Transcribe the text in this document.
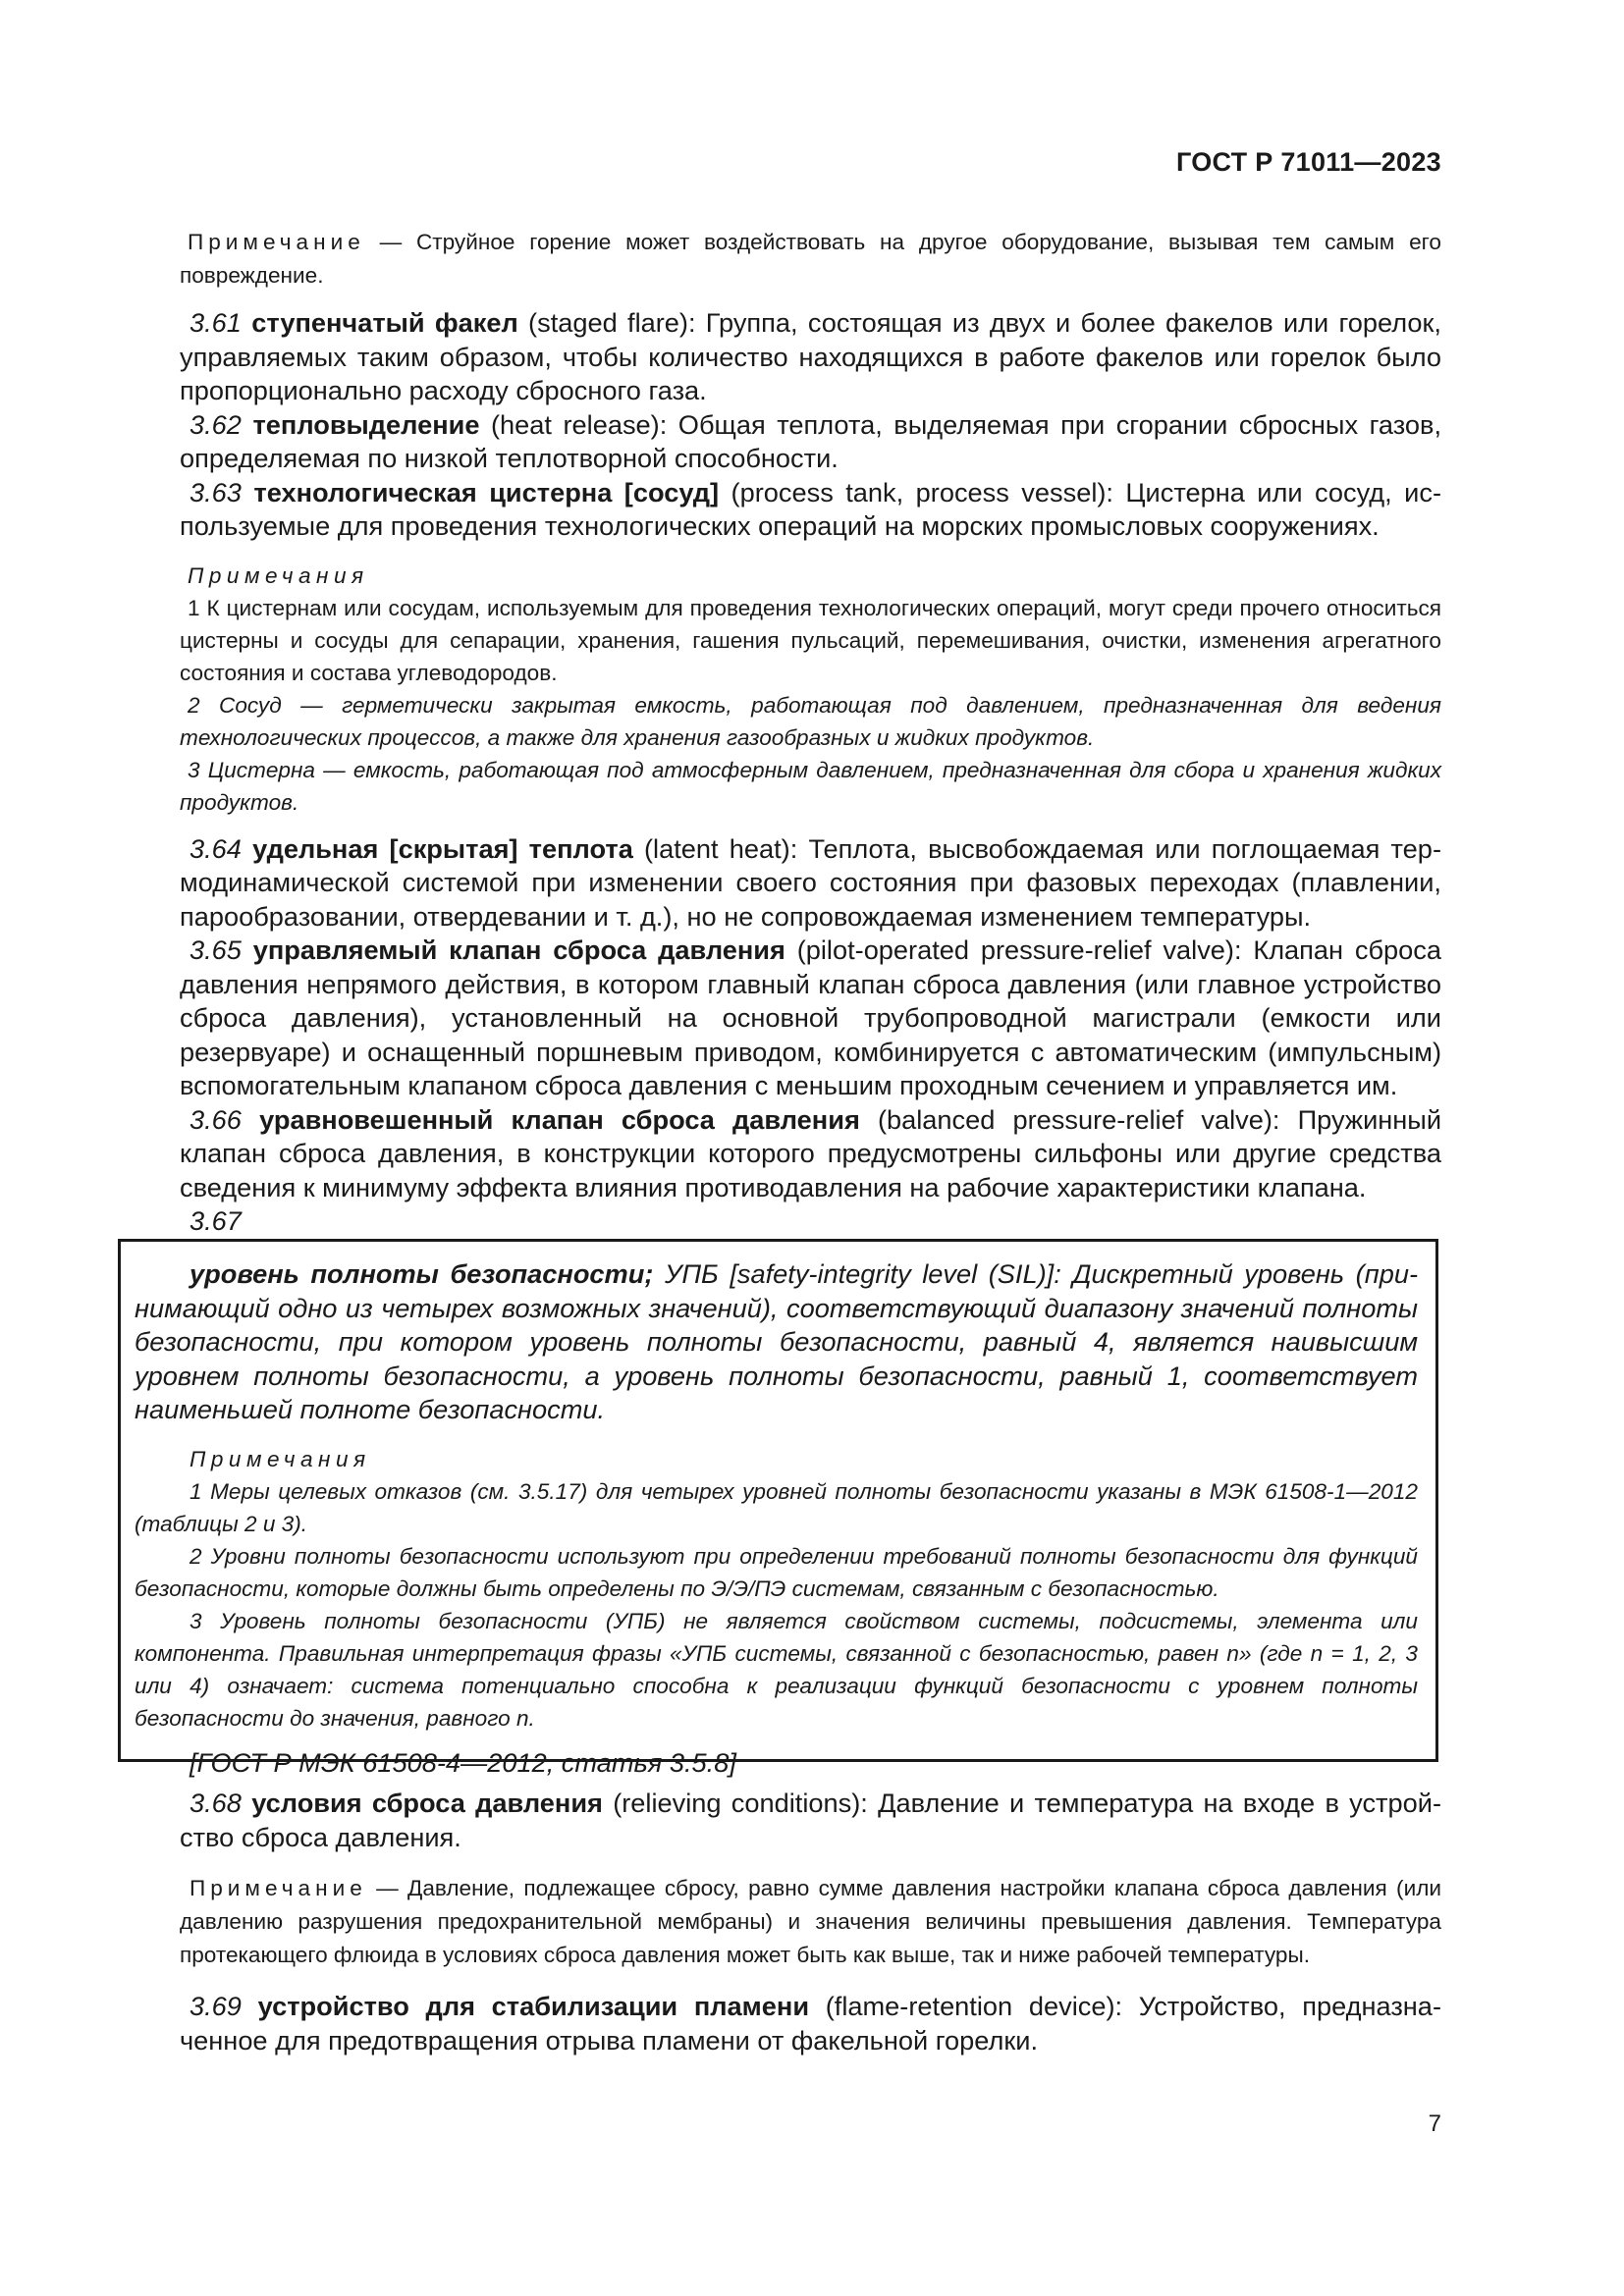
ГОСТ Р 71011—2023

Примечание — Струйное горение может воздействовать на другое оборудование, вызывая тем самым его повреждение.

3.61 ступенчатый факел (staged flare): Группа, состоящая из двух и более факелов или горелок, управляемых таким образом, чтобы количество находящихся в работе факелов или горелок было пропорционально расходу сбросного газа.

3.62 тепловыделение (heat release): Общая теплота, выделяемая при сгорании сбросных газов, определяемая по низкой теплотворной способности.

3.63 технологическая цистерна [сосуд] (process tank, process vessel): Цистерна или сосуд, используемые для проведения технологических операций на морских промысловых сооружениях.

Примечания

1 К цистернам или сосудам, используемым для проведения технологических операций, могут среди прочего относиться цистерны и сосуды для сепарации, хранения, гашения пульсаций, перемешивания, очистки, изменения агрегатного состояния и состава углеводородов.

2 Сосуд — герметически закрытая емкость, работающая под давлением, предназначенная для ведения технологических процессов, а также для хранения газообразных и жидких продуктов.

3 Цистерна — емкость, работающая под атмосферным давлением, предназначенная для сбора и хранения жидких продуктов.

3.64 удельная [скрытая] теплота (latent heat): Теплота, высвобождаемая или поглощаемая термодинамической системой при изменении своего состояния при фазовых переходах (плавлении, парообразовании, отвердевании и т. д.), но не сопровождаемая изменением температуры.

3.65 управляемый клапан сброса давления (pilot-operated pressure-relief valve): Клапан сброса давления непрямого действия, в котором главный клапан сброса давления (или главное устройство сброса давления), установленный на основной трубопроводной магистрали (емкости или резервуаре) и оснащенный поршневым приводом, комбинируется с автоматическим (импульсным) вспомогательным клапаном сброса давления с меньшим проходным сечением и управляется им.

3.66 уравновешенный клапан сброса давления (balanced pressure-relief valve): Пружинный клапан сброса давления, в конструкции которого предусмотрены сильфоны или другие средства сведения к минимуму эффекта влияния противодавления на рабочие характеристики клапана.

3.67

уровень полноты безопасности; УПБ [safety-integrity level (SIL)]: Дискретный уровень (принимающий одно из четырех возможных значений), соответствующий диапазону значений полноты безопасности, при котором уровень полноты безопасности, равный 4, является наивысшим уровнем полноты безопасности, а уровень полноты безопасности, равный 1, соответствует наименьшей полноте безопасности.

Примечания

1 Меры целевых отказов (см. 3.5.17) для четырех уровней полноты безопасности указаны в МЭК 61508-1—2012 (таблицы 2 и 3).

2 Уровни полноты безопасности используют при определении требований полноты безопасности для функций безопасности, которые должны быть определены по Э/Э/ПЭ системам, связанным с безопасностью.

3 Уровень полноты безопасности (УПБ) не является свойством системы, подсистемы, элемента или компонента. Правильная интерпретация фразы «УПБ системы, связанной с безопасностью, равен n» (где n = 1, 2, 3 или 4) означает: система потенциально способна к реализации функций безопасности с уровнем полноты безопасности до значения, равного n.

[ГОСТ Р МЭК 61508-4—2012, статья 3.5.8]

3.68 условия сброса давления (relieving conditions): Давление и температура на входе в устройство сброса давления.

Примечание — Давление, подлежащее сбросу, равно сумме давления настройки клапана сброса давления (или давлению разрушения предохранительной мембраны) и значения величины превышения давления. Температура протекающего флюида в условиях сброса давления может быть как выше, так и ниже рабочей температуры.

3.69 устройство для стабилизации пламени (flame-retention device): Устройство, предназначенное для предотвращения отрыва пламени от факельной горелки.

7
